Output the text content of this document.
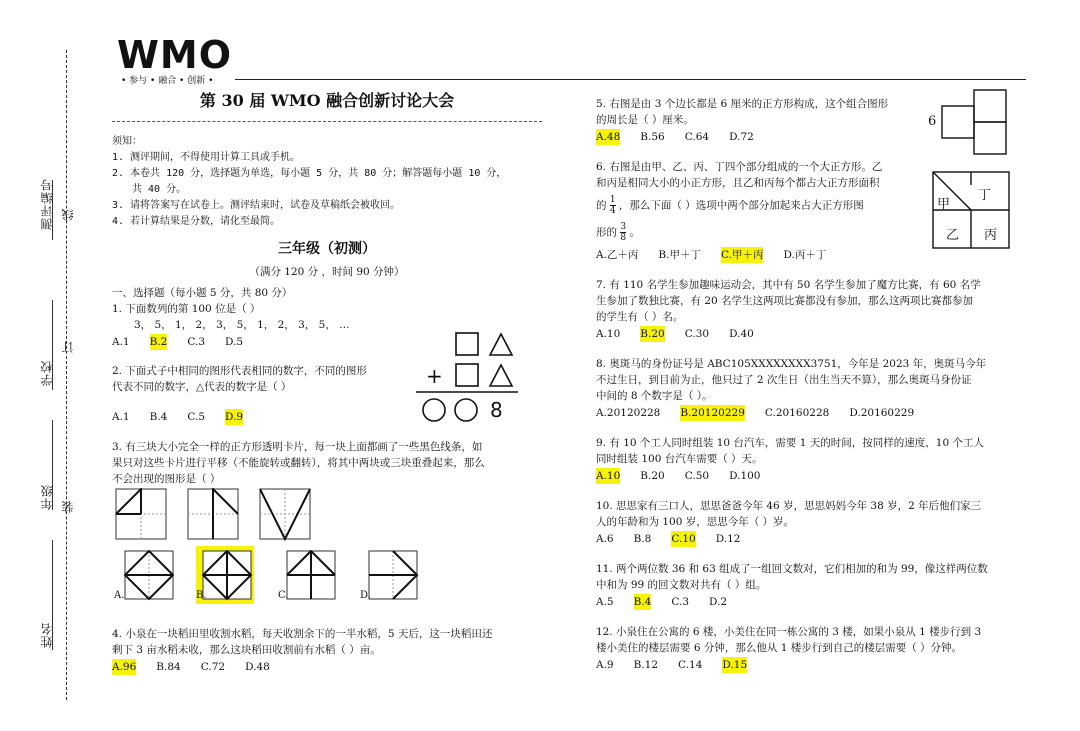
测评编号 线
学校
订
年级 装
姓名
WMO
• 参与 • 融合 • 创新 •
第 30 届 WMO 融合创新讨论大会
须知：
1. 测评期间，不得使用计算工具或手机。
2. 本卷共 120 分，选择题为单选，每小题 5 分，共 80 分；解答题每小题 10 分，
共 40 分。
3. 请将答案写在试卷上。测评结束时，试卷及草稿纸会被收回。
4. 若计算结果是分数，请化至最简。
三年级（初测）
（满分 120 分 ，时间 90 分钟）
一、选择题（每小题 5 分，共 80 分）
1. 下面数列的第 100 位是（ ）
3， 5， 1， 2， 3， 5， 1， 2， 3， 5， …
A.1 B.2 C.3 D.5
2. 下面式子中相同的图形代表相同的数字，不同的图形
代表不同的数字，△代表的数字是（ ）
A.1 B.4 C.5 D.9
3. 有三块大小完全一样的正方形透明卡片，每一块上面都画了一些黑色线条，如
果只对这些卡片进行平移（不能旋转或翻转），将其中两块或三块重叠起来，那么
不会出现的图形是（ ）
+
8
A.	B.	C.	D.
4. 小泉在一块稻田里收割水稻，每天收割余下的一半水稻，5 天后，这一块稻田还
剩下 3 亩水稻未收，那么这块稻田收割前有水稻（ ）亩。
A.96 B.84 C.72 D.48
5. 右图是由 3 个边长都是 6 厘米的正方形构成，这个组合图形
的周长是（ ）厘米。
A.48 B.56 C.64 D.72
6. 右图是由甲、乙、丙、丁四个部分组成的一个大正方形。乙
和丙是相同大小的小正方形，且乙和丙每个都占大正方形面积
的 $\frac{1}{4}$ ，那么下面（ ）选项中两个部分加起来占大正方形图
形的 $\frac{3}{8}$ 。
A.乙＋丙 B.甲＋丁 C.甲＋丙 D.丙＋丁
7. 有 110 名学生参加趣味运动会，其中有 50 名学生参加了魔方比赛，有 60 名学
生参加了数独比赛，有 20 名学生这两项比赛都没有参加，那么这两项比赛都参加
的学生有（ ）名。
A.10 B.20 C.30 D.40
8. 奥斑马的身份证号是 ABC105XXXXXXXX3751，今年是 2023 年，奥斑马今年
不过生日，到目前为止，他只过了 2 次生日（出生当天不算），那么奥斑马身份证
中间的 8 个数字是（ ）。
A.20120228 B.20120229 C.20160228 D.20160229
9. 有 10 个工人同时组装 10 台汽车，需要 1 天的时间，按同样的速度，10 个工人
同时组装 100 台汽车需要（ ）天。
A.10 B.20 C.50 D.100
10. 思思家有三口人，思思爸爸今年 46 岁，思思妈妈今年 38 岁，2 年后他们家三
人的年龄和为 100 岁，思思今年（ ）岁。
A.6 B.8 C.10 D.12
11. 两个两位数 36 和 63 组成了一组回文数对，它们相加的和为 99，像这样两位数
中和为 99 的回文数对共有（ ）组。
A.5 B.4 C.3 D.2
12. 小泉住在公寓的 6 楼，小美住在同一栋公寓的 3 楼，如果小泉从 1 楼步行到 3
楼小美住的楼层需要 6 分钟，那么他从 1 楼步行到自己的楼层需要（ ）分钟。
A.9 B.12 C.14 D.15
6
甲
丁
乙 丙
